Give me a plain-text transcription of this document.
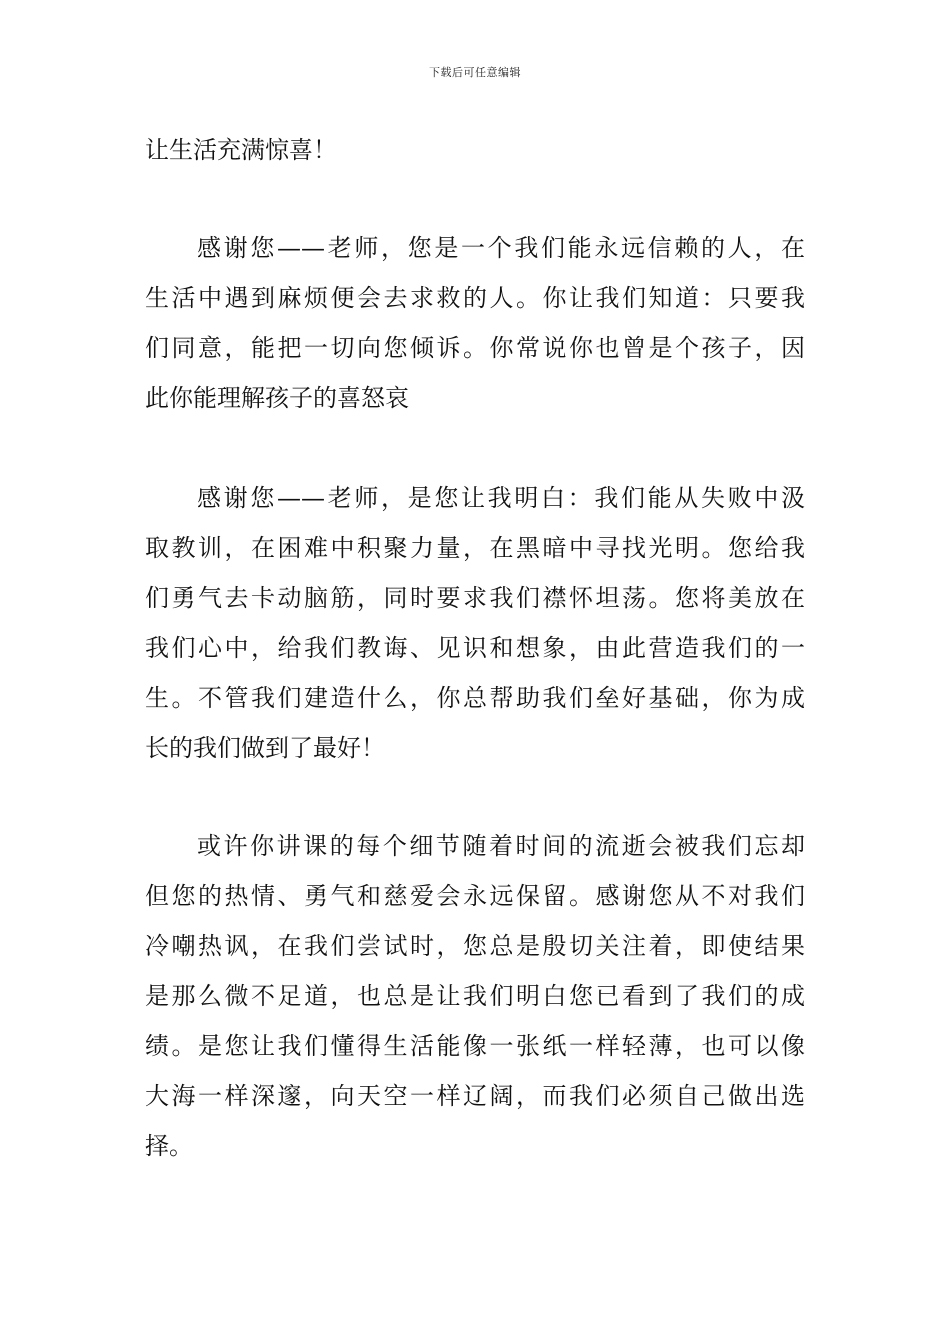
下载后可任意编辑
让生活充满惊喜！
感谢您——老师，您是一个我们能永远信赖的人，在
生活中遇到麻烦便会去求救的人。你让我们知道：只要我
们同意，能把一切向您倾诉。你常说你也曾是个孩子，因
此你能理解孩子的喜怒哀
感谢您——老师，是您让我明白：我们能从失败中汲
取教训，在困难中积聚力量，在黑暗中寻找光明。您给我
们勇气去卡动脑筋，同时要求我们襟怀坦荡。您将美放在
我们心中，给我们教诲、见识和想象，由此营造我们的一
生。不管我们建造什么，你总帮助我们垒好基础，你为成
长的我们做到了最好！
或许你讲课的每个细节随着时间的流逝会被我们忘却
但您的热情、勇气和慈爱会永远保留。感谢您从不对我们
冷嘲热讽，在我们尝试时，您总是殷切关注着，即使结果
是那么微不足道，也总是让我们明白您已看到了我们的成
绩。是您让我们懂得生活能像一张纸一样轻薄，也可以像
大海一样深邃，向天空一样辽阔，而我们必须自己做出选
择。
